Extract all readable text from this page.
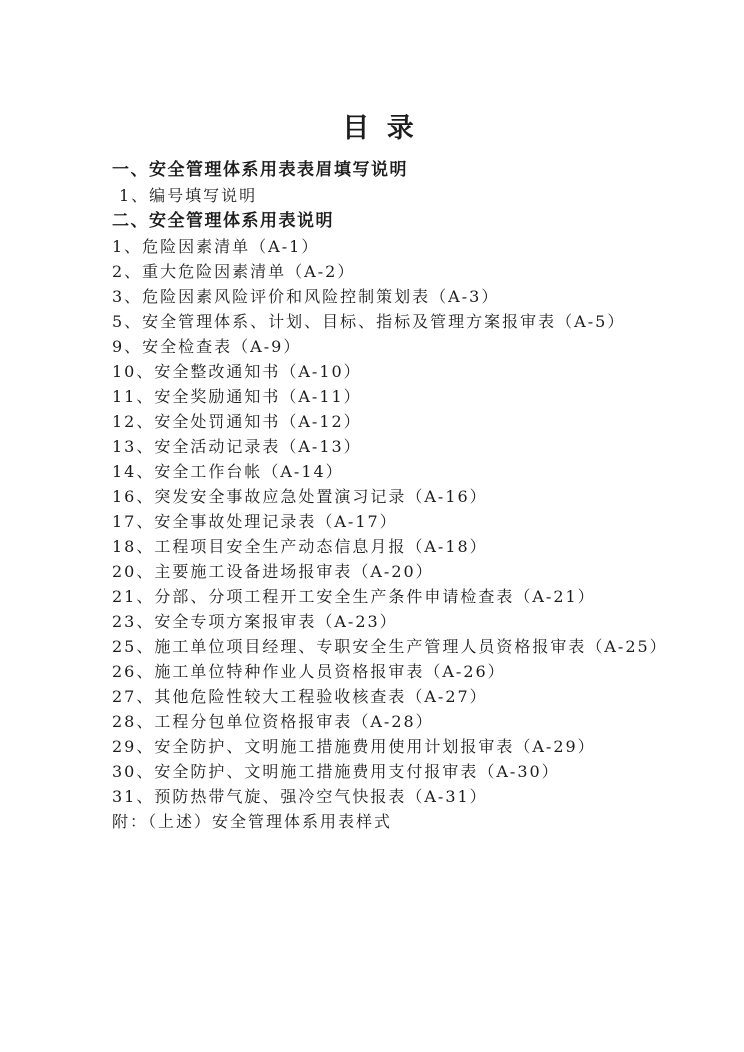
目 录
一、安全管理体系用表表眉填写说明
1、编号填写说明
二、安全管理体系用表说明
1、危险因素清单（A-1）
2、重大危险因素清单（A-2）
3、危险因素风险评价和风险控制策划表（A-3）
5、安全管理体系、计划、目标、指标及管理方案报审表（A-5）
9、安全检查表（A-9）
10、安全整改通知书（A-10）
11、安全奖励通知书（A-11）
12、安全处罚通知书（A-12）
13、安全活动记录表（A-13）
14、安全工作台帐（A-14）
16、突发安全事故应急处置演习记录（A-16）
17、安全事故处理记录表（A-17）
18、工程项目安全生产动态信息月报（A-18）
20、主要施工设备进场报审表（A-20）
21、分部、分项工程开工安全生产条件申请检查表（A-21）
23、安全专项方案报审表（A-23）
25、施工单位项目经理、专职安全生产管理人员资格报审表（A-25）
26、施工单位特种作业人员资格报审表（A-26）
27、其他危险性较大工程验收核查表（A-27）
28、工程分包单位资格报审表（A-28）
29、安全防护、文明施工措施费用使用计划报审表（A-29）
30、安全防护、文明施工措施费用支付报审表（A-30）
31、预防热带气旋、强冷空气快报表（A-31）
附：（上述）安全管理体系用表样式
